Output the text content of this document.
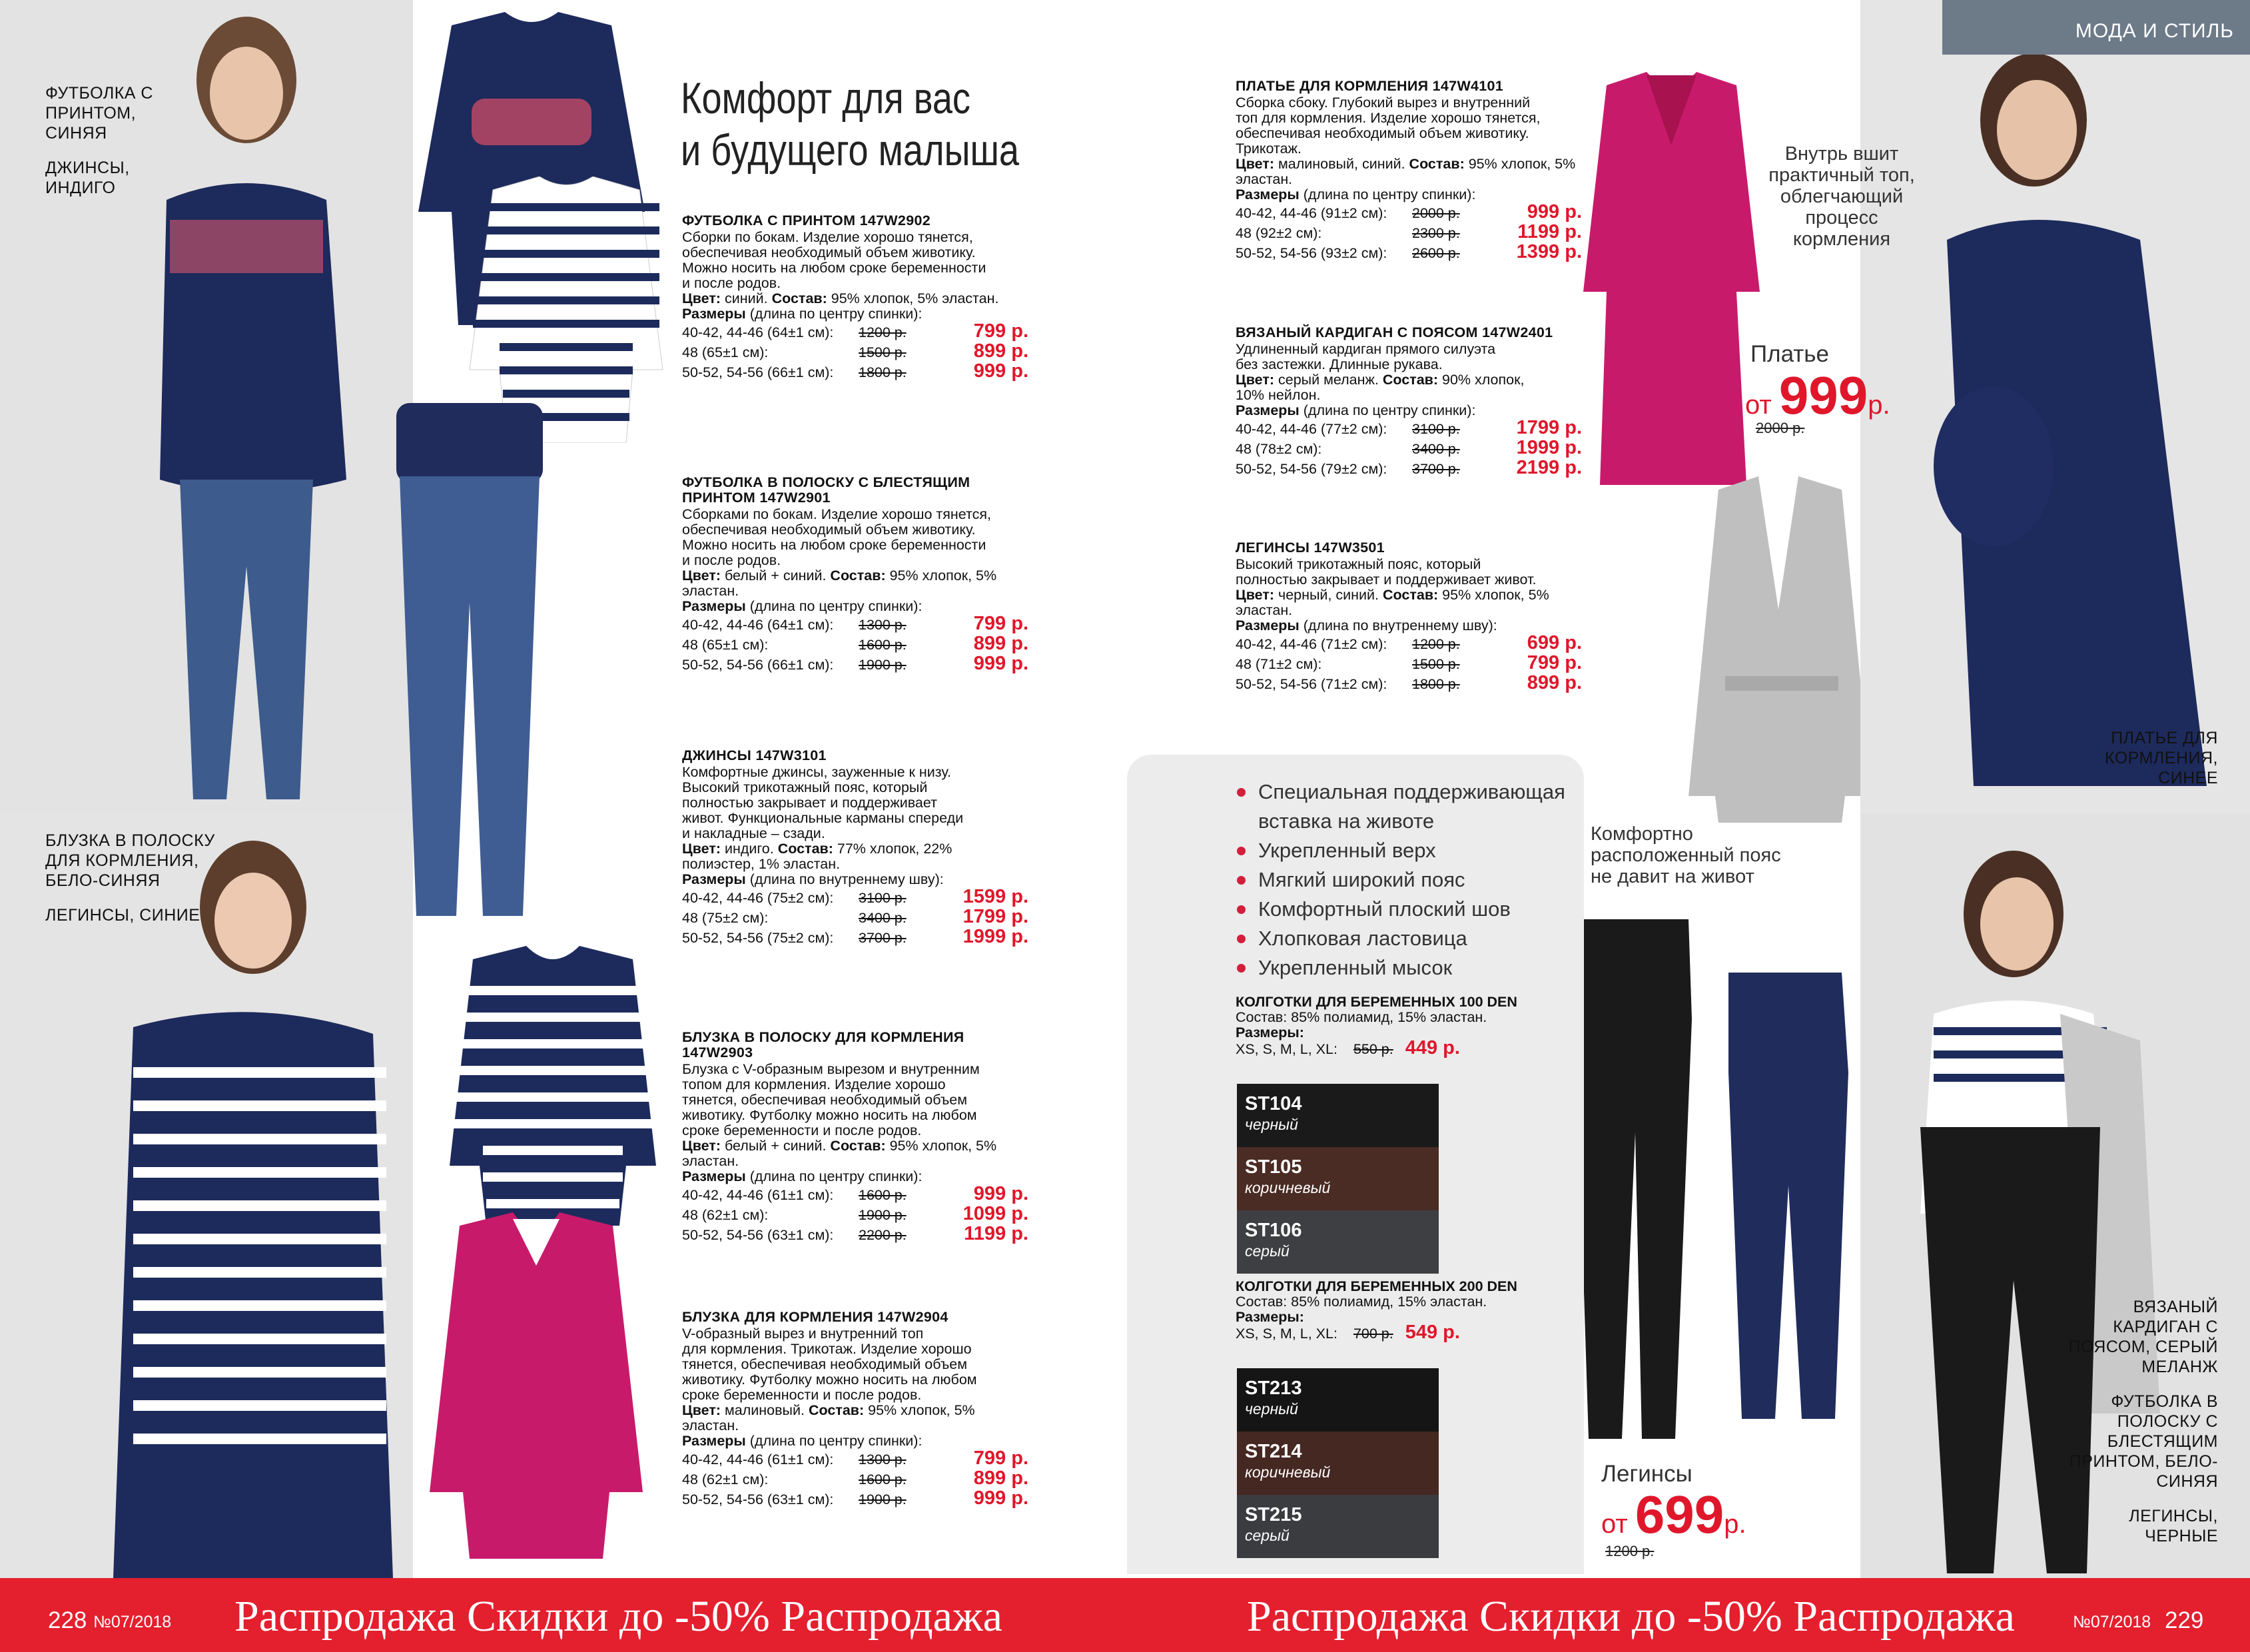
ФУТБОЛКА С ПРИНТОМ, СИНЯЯ

ДЖИНСЫ, ИНДИГО

БЛУЗКА В ПОЛОСКУ ДЛЯ КОРМЛЕНИЯ, БЕЛО-СИНЯЯ

ЛЕГИНСЫ, СИНИЕ

Комфорт для вас
и будущего малыша
ФУТБОЛКА С ПРИНТОМ 147W2902
Сборки по бокам. Изделие хорошо тянется,
обеспечивая необходимый объем животику.
Можно носить на любом сроке беременности
и после родов.
Цвет: синий. Состав: 95% хлопок, 5% эластан.
Размеры (длина по центру спинки):
40-42, 44-46 (64±1 см):	1200 р.	799 р.
48 (65±1 см):	1500 р.	899 р.
50-52, 54-56 (66±1 см):	1800 р.	999 р.
ФУТБОЛКА В ПОЛОСКУ С БЛЕСТЯЩИМ ПРИНТОМ 147W2901
Сборками по бокам. Изделие хорошо тянется,
обеспечивая необходимый объем животику.
Можно носить на любом сроке беременности
и после родов.
Цвет: белый + синий. Состав: 95% хлопок, 5% эластан.
Размеры (длина по центру спинки):
40-42, 44-46 (64±1 см):	1300 р.	799 р.
48 (65±1 см):	1600 р.	899 р.
50-52, 54-56 (66±1 см):	1900 р.	999 р.
ДЖИНСЫ 147W3101
Комфортные джинсы, зауженные к низу.
Высокий трикотажный пояс, который
полностью закрывает и поддерживает
живот. Функциональные карманы спереди
и накладные – сзади.
Цвет: индиго. Состав: 77% хлопок, 22% полиэстер, 1% эластан.
Размеры (длина по внутреннему шву):
40-42, 44-46 (75±2 см):	3100 р.	1599 р.
48 (75±2 см):	3400 р.	1799 р.
50-52, 54-56 (75±2 см):	3700 р.	1999 р.
БЛУЗКА В ПОЛОСКУ ДЛЯ КОРМЛЕНИЯ 147W2903
Блузка с V-образным вырезом и внутренним
топом для кормления. Изделие хорошо
тянется, обеспечивая необходимый объем
животику. Футболку можно носить на любом
сроке беременности и после родов.
Цвет: белый + синий. Состав: 95% хлопок, 5% эластан.
Размеры (длина по центру спинки):
40-42, 44-46 (61±1 см):	1600 р.	999 р.
48 (62±1 см):	1900 р.	1099 р.
50-52, 54-56 (63±1 см):	2200 р.	1199 р.
БЛУЗКА ДЛЯ КОРМЛЕНИЯ 147W2904
V-образный вырез и внутренний топ
для кормления. Трикотаж. Изделие хорошо
тянется, обеспечивая необходимый объем
животику. Футболку можно носить на любом
сроке беременности и после родов.
Цвет: малиновый. Состав: 95% хлопок, 5% эластан.
Размеры (длина по центру спинки):
40-42, 44-46 (61±1 см):	1300 р.	799 р.
48 (62±1 см):	1600 р.	899 р.
50-52, 54-56 (63±1 см):	1900 р.	999 р.
ПЛАТЬЕ ДЛЯ КОРМЛЕНИЯ 147W4101
Сборка сбоку. Глубокий вырез и внутренний
топ для кормления. Изделие хорошо тянется,
обеспечивая необходимый объем животику.
Трикотаж.
Цвет: малиновый, синий. Состав: 95% хлопок, 5% эластан.
Размеры (длина по центру спинки):
40-42, 44-46 (91±2 см):	2000 р.	999 р.
48 (92±2 см):	2300 р.	1199 р.
50-52, 54-56 (93±2 см):	2600 р.	1399 р.
ВЯЗАНЫЙ КАРДИГАН С ПОЯСОМ 147W2401
Удлиненный кардиган прямого силуэта
без застежки. Длинные рукава.
Цвет: серый меланж. Состав: 90% хлопок, 10% нейлон.
Размеры (длина по центру спинки):
40-42, 44-46 (77±2 см):	3100 р.	1799 р.
48 (78±2 см):	3400 р.	1999 р.
50-52, 54-56 (79±2 см):	3700 р.	2199 р.
ЛЕГИНСЫ 147W3501
Высокий трикотажный пояс, который
полностью закрывает и поддерживает живот.
Цвет: черный, синий. Состав: 95% хлопок, 5% эластан.
Размеры (длина по внутреннему шву):
40-42, 44-46 (71±2 см):	1200 р.	699 р.
48 (71±2 см):	1500 р.	799 р.
50-52, 54-56 (71±2 см):	1800 р.	899 р.
МОДА И СТИЛЬ

ПЛАТЬЕ ДЛЯ КОРМЛЕНИЯ, СИНЕЕ

ВЯЗАНЫЙ КАРДИГАН С ПОЯСОМ, СЕРЫЙ МЕЛАНЖ

ФУТБОЛКА В ПОЛОСКУ С БЛЕСТЯЩИМ ПРИНТОМ, БЕЛО-СИНЯЯ

ЛЕГИНСЫ, ЧЕРНЫЕ

Внутрь вшит
практичный топ,
облегчающий
процесс
кормления
Платье
от 999р.
2000 р.
Комфортно
расположенный пояс
не давит на живот
Легинсы
от 699р.
1200 р.
Специальная поддерживающая вставка на животе
Укрепленный верх
Мягкий широкий пояс
Комфортный плоский шов
Хлопковая ластовица
Укрепленный мысок
КОЛГОТКИ ДЛЯ БЕРЕМЕННЫХ 100 DEN
Состав: 85% полиамид, 15% эластан.
Размеры:
XS, S, M, L, XL: 550 р. 449 р.
ST104
черный
ST105
коричневый
ST106
серый
КОЛГОТКИ ДЛЯ БЕРЕМЕННЫХ 200 DEN
Состав: 85% полиамид, 15% эластан.
Размеры:
XS, S, M, L, XL: 700 р. 549 р.
ST213
черный
ST214
коричневый
ST215
серый
228 №07/2018 Распродажа Скидки до -50% Распродажа	Распродажа Скидки до -50% Распродажа	№07/2018 229
